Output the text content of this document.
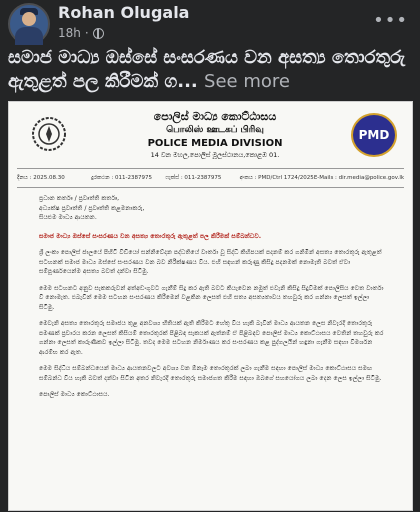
Rohan Olugala
18h ·
•••
සමාජ මාධ්‍ය ඔස්සේ සංසරණය වන අසත්‍ය තොරතුරු ඇතුළත් පල කිරීමක් ග... See more
පොලිස් මාධ්‍ය කොට්ඨාසය
பொலிஸ் ஊடகப் பிரிவு
POLICE MEDIA DIVISION
14 වන මහල,පොලිස් මූලස්ථානය,කොළඹ 01.
PMD
දිනය : 2025.08.30	දුරකථන : 011-2387975	ෆැක්ස් : 011-2387975	අංකය : PMD/Ctrl 1724/2025 E-Mails : dir.media@police.gov.lk

ප්‍රධාන කර්තෘ / ප්‍රවෘත්ති කර්තෘ,

අධ්‍යක්ෂ ප්‍රවෘත්ති / ප්‍රවෘත්ති කළමනාකරු,

සියළුම මාධ්‍ය ආයතන.

සමාජ මාධ්‍ය ඔස්සේ සංසරණය වන අසත්‍ය තොරතුරු ඇතුළත් පල කිරීමක් සම්බන්ධව.

ශ්‍රී ලංකා පොලිස් ජාලයේ පිහිටි වීඩියෝ සන්නිවේදන පද්ධතියේ වාර්තා වූ සිද්ධි කිහිපයක් පදනම් කර ගනිමින් අසත්‍ය තොරතුරු ඇතුළත් සටහනක් සමාජ මාධ්‍ය ඔස්සේ සංසරණය වන බව නිරීක්ෂණය විය. එහි සඳහන් කරුණු කිසිදු පදනමක් නොමැති බවත් ඒවා සම්පූර්ණයෙන්ම අසත්‍ය බවත් දන්වා සිටිමු.

මෙම සටහනට අනුව සැකකරුවන් අත්අඩංගුවට ගැනීම් සිදු කර ඇති බවට කියැවෙන නමුත් එවැනි කිසිදු සිදුවීමක් පොලිසිය වෙත වාර්තා වී නොමැත. එබැවින් මෙම සටහන සංසරණය කිරීමෙන් වළකින ලෙසත් එහි සත්‍ය අසත්‍යතාවය තහවුරු කර ගන්නා ලෙසත් ඉල්ලා සිටිමු.

මෙවැනි අසත්‍ය තොරතුරු සමාජය තුළ අනවශ්‍ය භීතියක් ඇති කිරීමට හේතු විය හැකි බැවින් මාධ්‍ය ආයතන ලෙස නිවැරදි තොරතුරු පමණක් ප්‍රචාරය කරන ලෙසත් කිසියම් තොරතුරක් පිළිබඳ සැකයක් ඇත්නම් ඒ පිළිබඳව පොලිස් මාධ්‍ය කොට්ඨාසය වෙතින් තහවුරු කර ගන්නා ලෙසත් කාරුණිකව ඉල්ලා සිටිමු. තවද මෙම සටහන නිර්මාණය කර සංසරණය කළ පුද්ගලයින් හඳුනා ගැනීම සඳහා විමර්ශන ආරම්භ කර ඇත.

මෙම සිද්ධිය සම්බන්ධයෙන් මාධ්‍ය ආයතනවලට අවශ්‍ය වන ඕනෑම තොරතුරක් ලබා ගැනීම සඳහා පොලිස් මාධ්‍ය කොට්ඨාසය සමඟ සම්බන්ධ විය හැකි බවත් දන්වා සිටින අතර නිවැරදි තොරතුරු සමාජගත කිරීම සඳහා ඔබගේ සහයෝගය ලබා දෙන ලෙස ඉල්ලා සිටිමු.

පොලිස් මාධ්‍ය කොට්ඨාසය.
